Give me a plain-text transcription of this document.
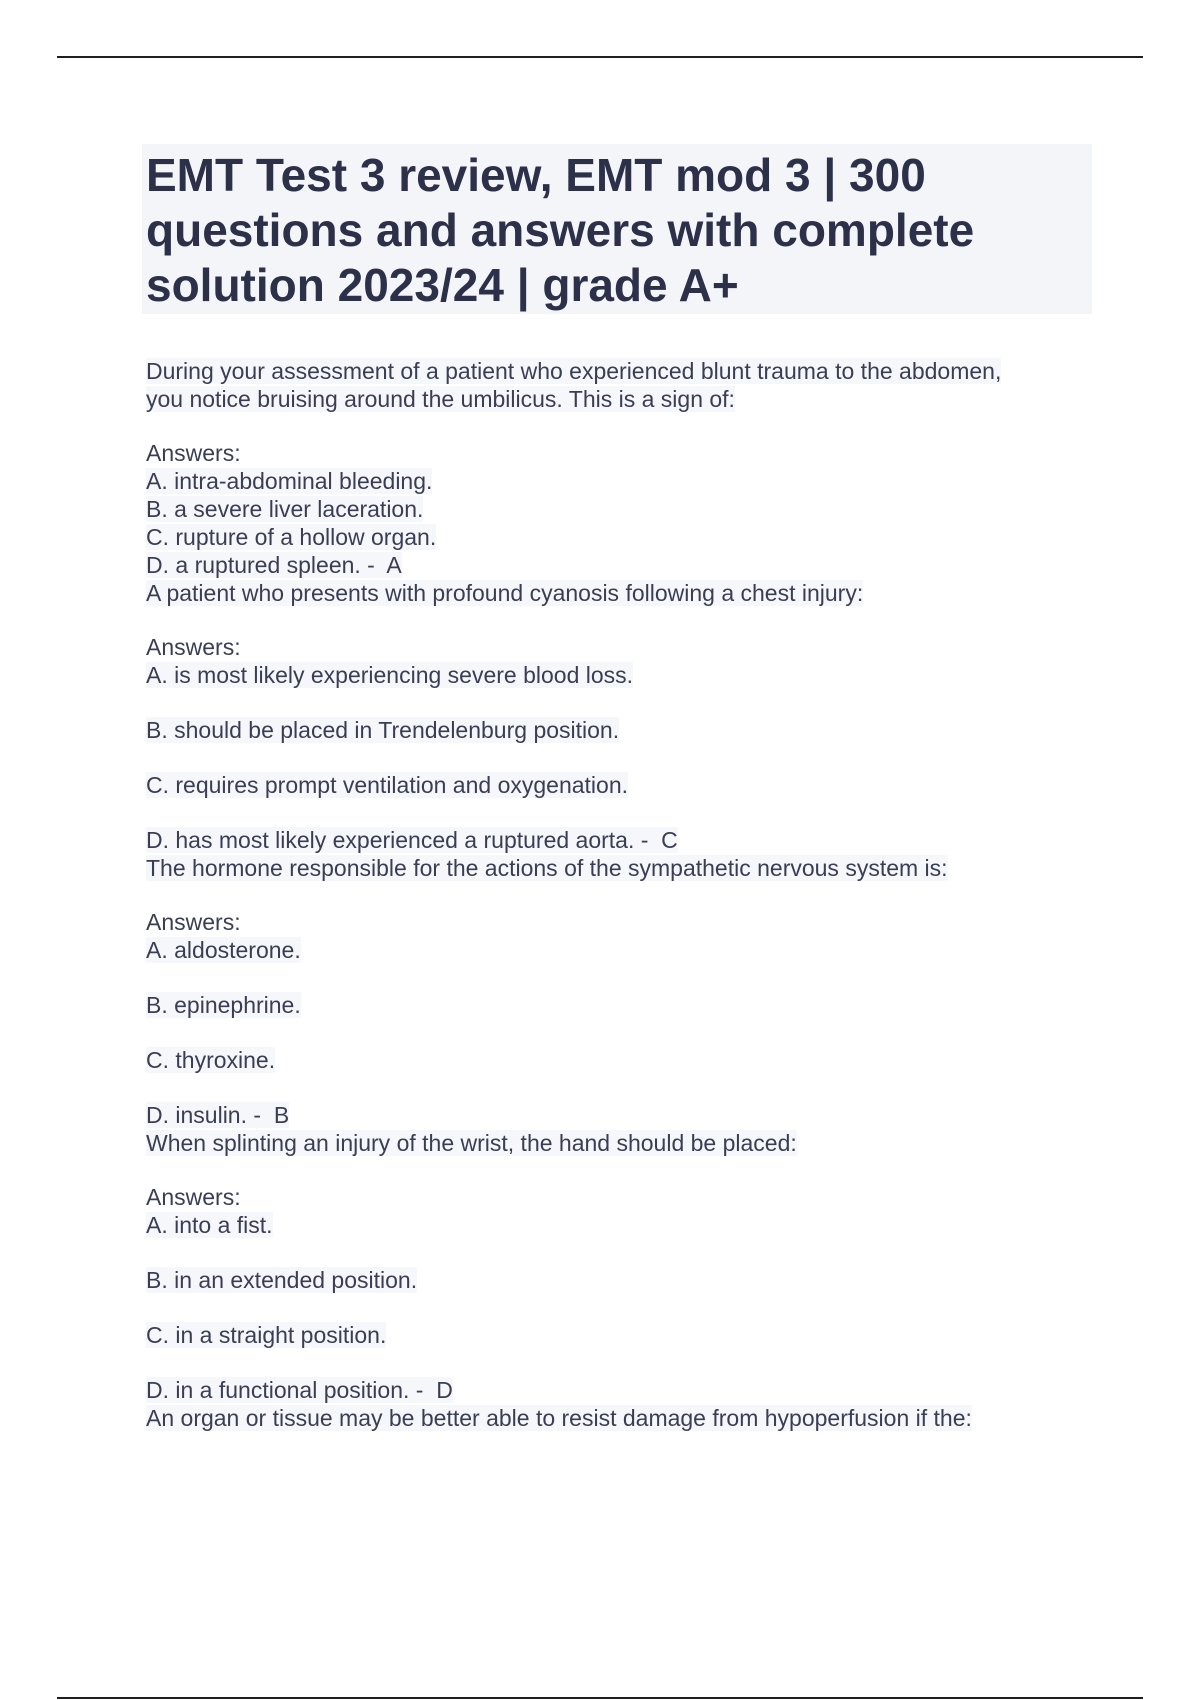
EMT Test 3 review, EMT mod 3 | 300 questions and answers with complete solution 2023/24 | grade A+
During your assessment of a patient who experienced blunt trauma to the abdomen,
you notice bruising around the umbilicus. This is a sign of:
Answers:
A. intra-abdominal bleeding.
B. a severe liver laceration.
C. rupture of a hollow organ.
D. a ruptured spleen. -  A
A patient who presents with profound cyanosis following a chest injury:
Answers:
A. is most likely experiencing severe blood loss.
B. should be placed in Trendelenburg position.
C. requires prompt ventilation and oxygenation.
D. has most likely experienced a ruptured aorta. -  C
The hormone responsible for the actions of the sympathetic nervous system is:
Answers:
A. aldosterone.
B. epinephrine.
C. thyroxine.
D. insulin. -  B
When splinting an injury of the wrist, the hand should be placed:
Answers:
A. into a fist.
B. in an extended position.
C. in a straight position.
D. in a functional position. -  D
An organ or tissue may be better able to resist damage from hypoperfusion if the:
